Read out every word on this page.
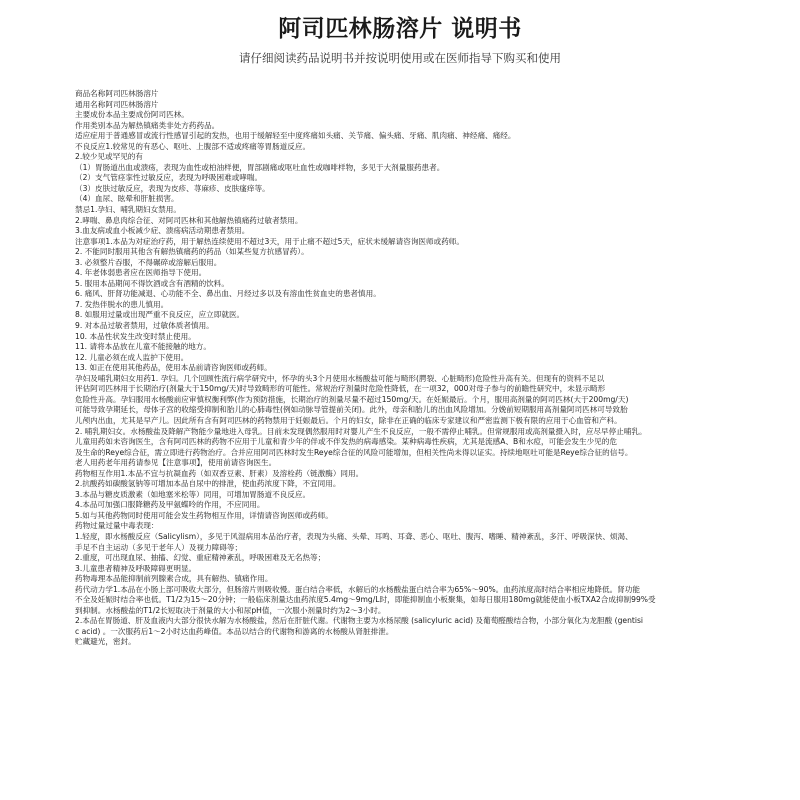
阿司匹林肠溶片 说明书

请仔细阅读药品说明书并按说明使用或在医师指导下购买和使用

商品名称阿司匹林肠溶片
通用名称阿司匹林肠溶片
主要成份本品主要成份阿司匹林。
作用类别本品为解热镇痛类非处方药药品。
适应症用于普通感冒或流行性感冒引起的发热，也用于缓解轻至中度疼痛如头痛、关节痛、偏头痛、牙痛、肌肉痛、神经痛、痛经。
不良反应1.较常见的有恶心、呕吐、上腹部不适或疼痛等胃肠道反应。
2.较少见或罕见的有
（1）胃肠道出血或溃疡，表现为血性或柏油样便，胃部剧痛或呕吐血性或咖啡样物，多见于大剂量服药患者。
（2）支气管痉挛性过敏反应，表现为呼吸困难或哮喘。
（3）皮肤过敏反应，表现为皮疹、荨麻疹、皮肤瘙痒等。
（4）血尿、眩晕和肝脏损害。
禁忌1.孕妇、哺乳期妇女禁用。
2.哮喘、鼻息肉综合征、对阿司匹林和其他解热镇痛药过敏者禁用。
3.血友病或血小板减少症、溃疡病活动期患者禁用。
注意事项1.本品为对症治疗药，用于解热连续使用不超过3天，用于止痛不超过5天，症状未缓解请咨询医师或药师。
2. 不能同时服用其他含有解热镇痛药的药品（如某些复方抗感冒药）。
3. 必须整片吞服，不得碾碎或溶解后服用。
4. 年老体弱患者应在医师指导下使用。
5. 服用本品期间不得饮酒或含有酒精的饮料。
6. 痛风、肝肾功能减退、心功能不全、鼻出血、月经过多以及有溶血性贫血史的患者慎用。
7. 发热伴脱水的患儿慎用。
8. 如服用过量或出现严重不良反应，应立即就医。
9. 对本品过敏者禁用，过敏体质者慎用。
10. 本品性状发生改变时禁止使用。
11. 请将本品放在儿童不能接触的地方。
12. 儿童必须在成人监护下使用。
13. 如正在使用其他药品，使用本品前请咨询医师或药师。
孕妇及哺乳期妇女用药1. 孕妇。几个回顾性流行病学研究中，怀孕的头3个月使用水杨酸盐可能与畸形(腭裂、心脏畸形)危险性升高有关。但现有的资料不足以
评估阿司匹林用于长期治疗(剂量大于150mg/天)时导致畸形的可能性。常规治疗剂量时危险性降低，在一项32，000对母子参与的前瞻性研究中，未显示畸形
危险性升高。孕妇服用水杨酸前应审慎权衡利弊(作为预防措施，长期治疗的剂量尽量不超过150mg/天。在妊娠最后。个月，服用高剂量的阿司匹林(大于200mg/天)
可能导致孕期延长，母体子宫的收缩受抑制和胎儿的心肺毒性(例如动脉导管提前关闭)。此外，母亲和胎儿的出血风险增加。分娩前短期服用高剂量阿司匹林可导致胎
儿颅内出血，尤其是早产儿。因此所有含有阿司匹林的药物禁用于妊娠最后。个月的妇女，除非在正确的临床专家建议和严密监测下极有限的应用于心血管和产科。
2. 哺乳期妇女。水杨酸盐及降解产物能少量地进入母乳。目前未发现偶然服用时对婴儿产生不良反应，一般不需停止哺乳。但常规服用或高剂量摄入时，应尽早停止哺乳。
儿童用药如未咨询医生，含有阿司匹林的药物不应用于儿童和青少年的伴或不伴发热的病毒感染。某种病毒性疾病，尤其是流感A、B和水痘，可能会发生少见的危
及生命的Reye综合征，需立即进行药物治疗。合并应用阿司匹林时发生Reye综合征的风险可能增加，但相关性尚未得以证实。持续地呕吐可能是Reye综合征的信号。
老人用药老年用药请参见【注意事项】，使用前请咨询医生。
药物相互作用1.本品不宜与抗凝血药（如双香豆素、肝素）及溶栓药（链激酶）同用。
2.抗酸药如碳酸氢钠等可增加本品自尿中的排泄，使血药浓度下降，不宜同用。
3.本品与糖皮质激素（如地塞米松等）同用，可增加胃肠道不良反应。
4.本品可加强口服降糖药及甲氨蝶呤的作用，不应同用。
5.如与其他药物同时使用可能会发生药物相互作用，详情请咨询医师或药师。
药物过量过量中毒表现：
1.轻度，即水杨酸反应（Salicylism），多见于风湿病用本品治疗者，表现为头痛、头晕、耳鸣、耳聋、恶心、呕吐、腹泻、嗜睡、精神紊乱，多汗、呼吸深快、烦渴、
手足不自主运动（多见于老年人）及视力障碍等；
2.重度，可出现血尿、抽搐、幻觉、重症精神紊乱，呼吸困难及无名热等；
3.儿童患者精神及呼吸障碍更明显。
药物毒理本品能抑制前列腺素合成，具有解热、镇痛作用。
药代动力学1.本品在小肠上部可吸收大部分，但肠溶片则吸收慢。蛋白结合率低，水解后的水杨酸盐蛋白结合率为65%～90%。血药浓度高时结合率相应地降低。肾功能
不全及妊娠时结合率也低。T1/2为15～20分钟；一般临床剂量达血药浓度5.4mg～9mg/L时，即能抑制血小板聚集，如每日服用180mg就能使血小板TXA2合成抑制99%受
到抑制。水杨酸盐的T1/2长短取决于剂量的大小和尿pH值，一次服小剂量时约为2～3小时。
2.本品在胃肠道、肝及血液内大部分很快水解为水杨酸盐，然后在肝脏代谢。代谢物主要为水杨尿酸 (salicyluric acid) 及葡萄醛酸结合物，小部分氧化为龙胆酸 (gentisi
c acid) 。一次服药后1～2小时达血药峰值。本品以结合的代谢物和游离的水杨酸从肾脏排泄。
贮藏避光，密封。
